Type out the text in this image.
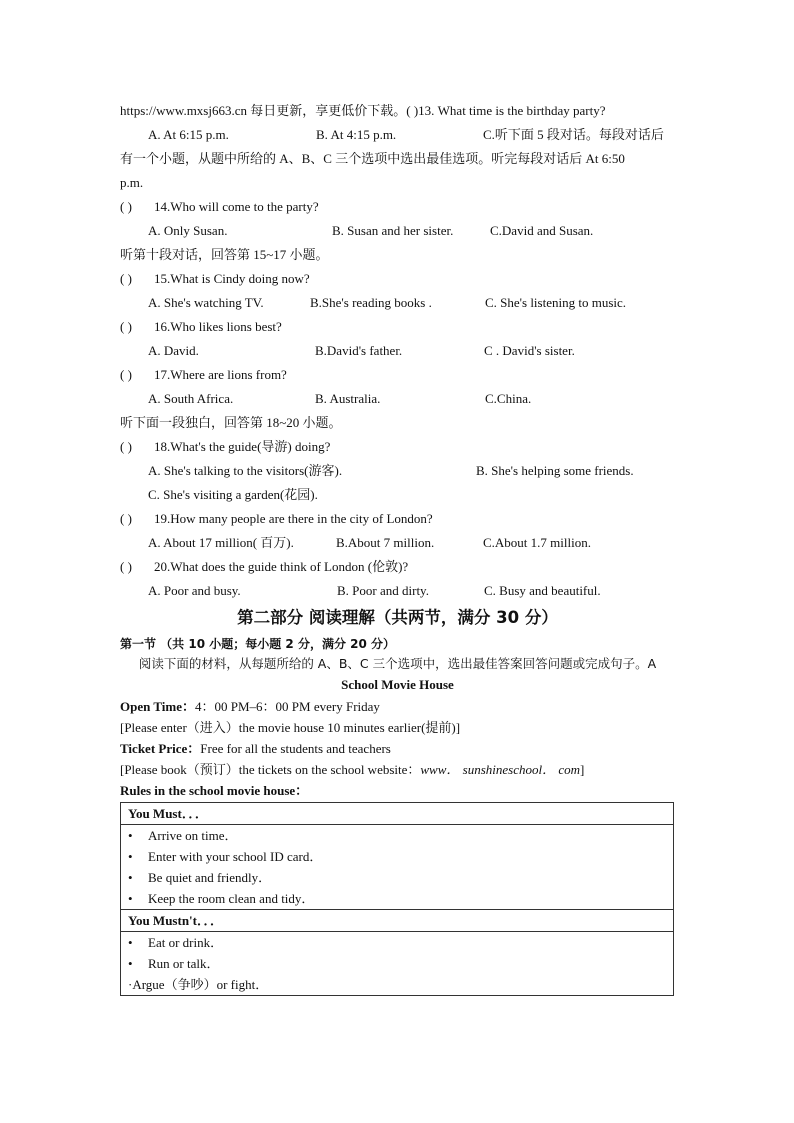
https://www.mxsj663.cn 每日更新，享更低价下载。( )13. What time is the birthday party?
A. At 6:15 p.m.	B. At 4:15 p.m.	C.听下面 5 段对话。每段对话后
有一个小题，从题中所给的 A、B、C 三个选项中选出最佳选项。听完每段对话后 At 6:50
p.m.
( ) 14.Who will come to the party?
A. Only Susan.	B. Susan and her sister.	C.David and Susan.
听第十段对话，回答第 15~17 小题。
( ) 15.What is Cindy doing now?
A. She's watching TV.	B.She's reading books .	C. She's listening to music.
( ) 16.Who likes lions best?
A. David.	B.David's father.	C . David's sister.
( ) 17.Where are lions from?
A. South Africa.	B. Australia.	C.China.
听下面一段独白，回答第 18~20 小题。
( ) 18.What's the guide(导游) doing?
A. She's talking to the visitors(游客).	B. She's helping some friends.
C. She's visiting a garden(花园).
( ) 19.How many people are there in the city of London?
A. About 17 million( 百万).	B.About 7 million.	C.About 1.7 million.
( ) 20.What does the guide think of London (伦敦)?
A. Poor and busy.	B. Poor and dirty.	C. Busy and beautiful.
第二部分 阅读理解（共两节，满分 30 分）
第一节 （共 10 小题；每小题 2 分，满分 20 分）
阅读下面的材料，从每题所给的 A、B、C 三个选项中，选出最佳答案回答问题或完成句子。A
School Movie House
Open Time：4：00 PM–6：00 PM every Friday
[Please enter（进入）the movie house 10 minutes earlier(提前)]
Ticket Price：Free for all the students and teachers
[Please book（预订）the tickets on the school website：www． sunshineschool． com]
Rules in the school movie house：
You Must．．．

• Arrive on time．
• Enter with your school ID card．
• Be quiet and friendly．
• Keep the room clean and tidy．

You Mustn't．．．

• Eat or drink．
• Run or talk．
·Argue（争吵）or fight．
